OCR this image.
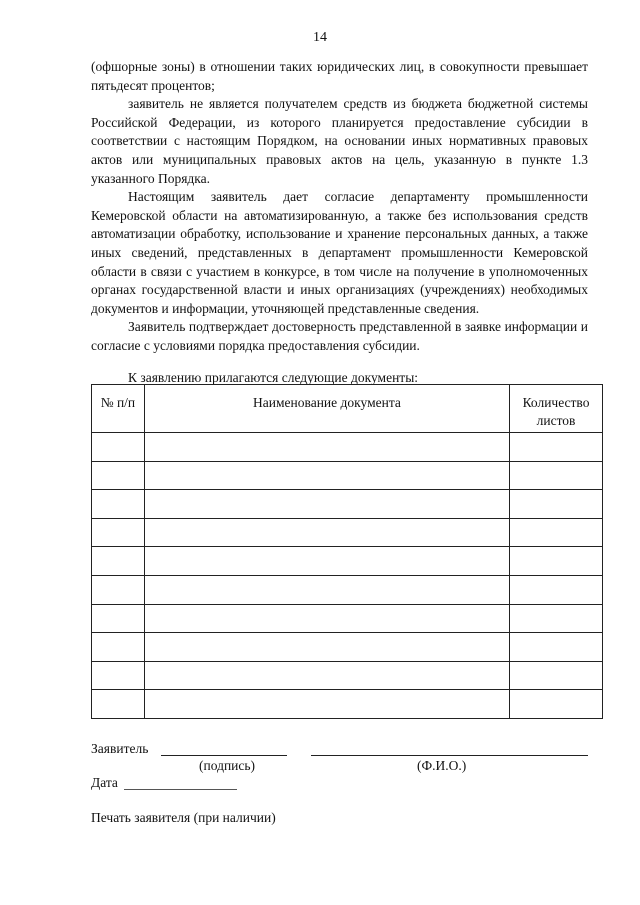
14

(офшорные зоны) в отношении таких юридических лиц, в совокупности превышает пятьдесят процентов;

заявитель не является получателем средств из бюджета бюджетной системы Российской Федерации, из которого планируется предоставление субсидии в соответствии с настоящим Порядком, на основании иных нормативных правовых актов или муниципальных правовых актов на цель, указанную в пункте 1.3 указанного Порядка.

Настоящим заявитель дает согласие департаменту промышленности Кемеровской области на автоматизированную, а также без использования средств автоматизации обработку, использование и хранение персональных данных, а также иных сведений, представленных в департамент промышленности Кемеровской области в связи с участием в конкурсе, в том числе на получение в уполномоченных органах государственной власти и иных организациях (учреждениях) необходимых документов и информации, уточняющей представленные сведения.

Заявитель подтверждает достоверность представленной в заявке информации и согласие с условиями порядка предоставления субсидии.

К заявлению прилагаются следующие документы:
№ п/п	Наименование документа	Количество листов

Заявитель
(подпись)	(Ф.И.О.)
Дата
Печать заявителя (при наличии)
